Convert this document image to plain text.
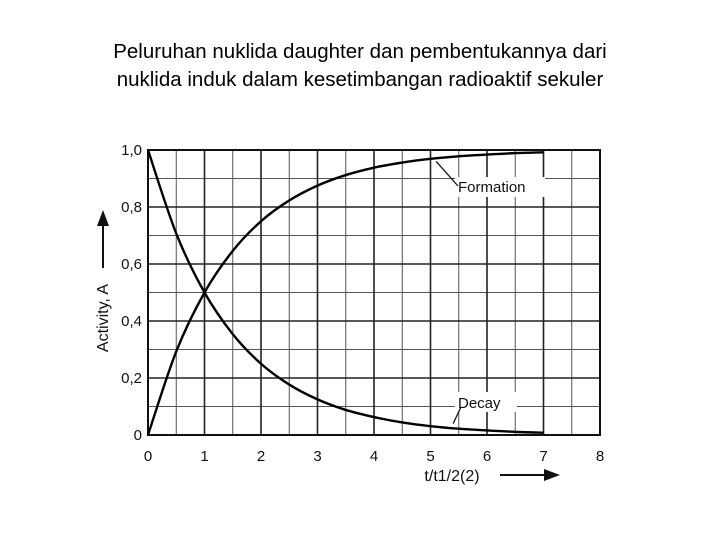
Peluruhan nuklida daughter dan pembentukannya dari
nuklida induk dalam kesetimbangan radioaktif sekuler
0	1	2	3	4	5	6	7	8
0
0,2
0,4
0,6
0,8
1,0
Formation
Decay
Activity, A
t/t1/2(2)
